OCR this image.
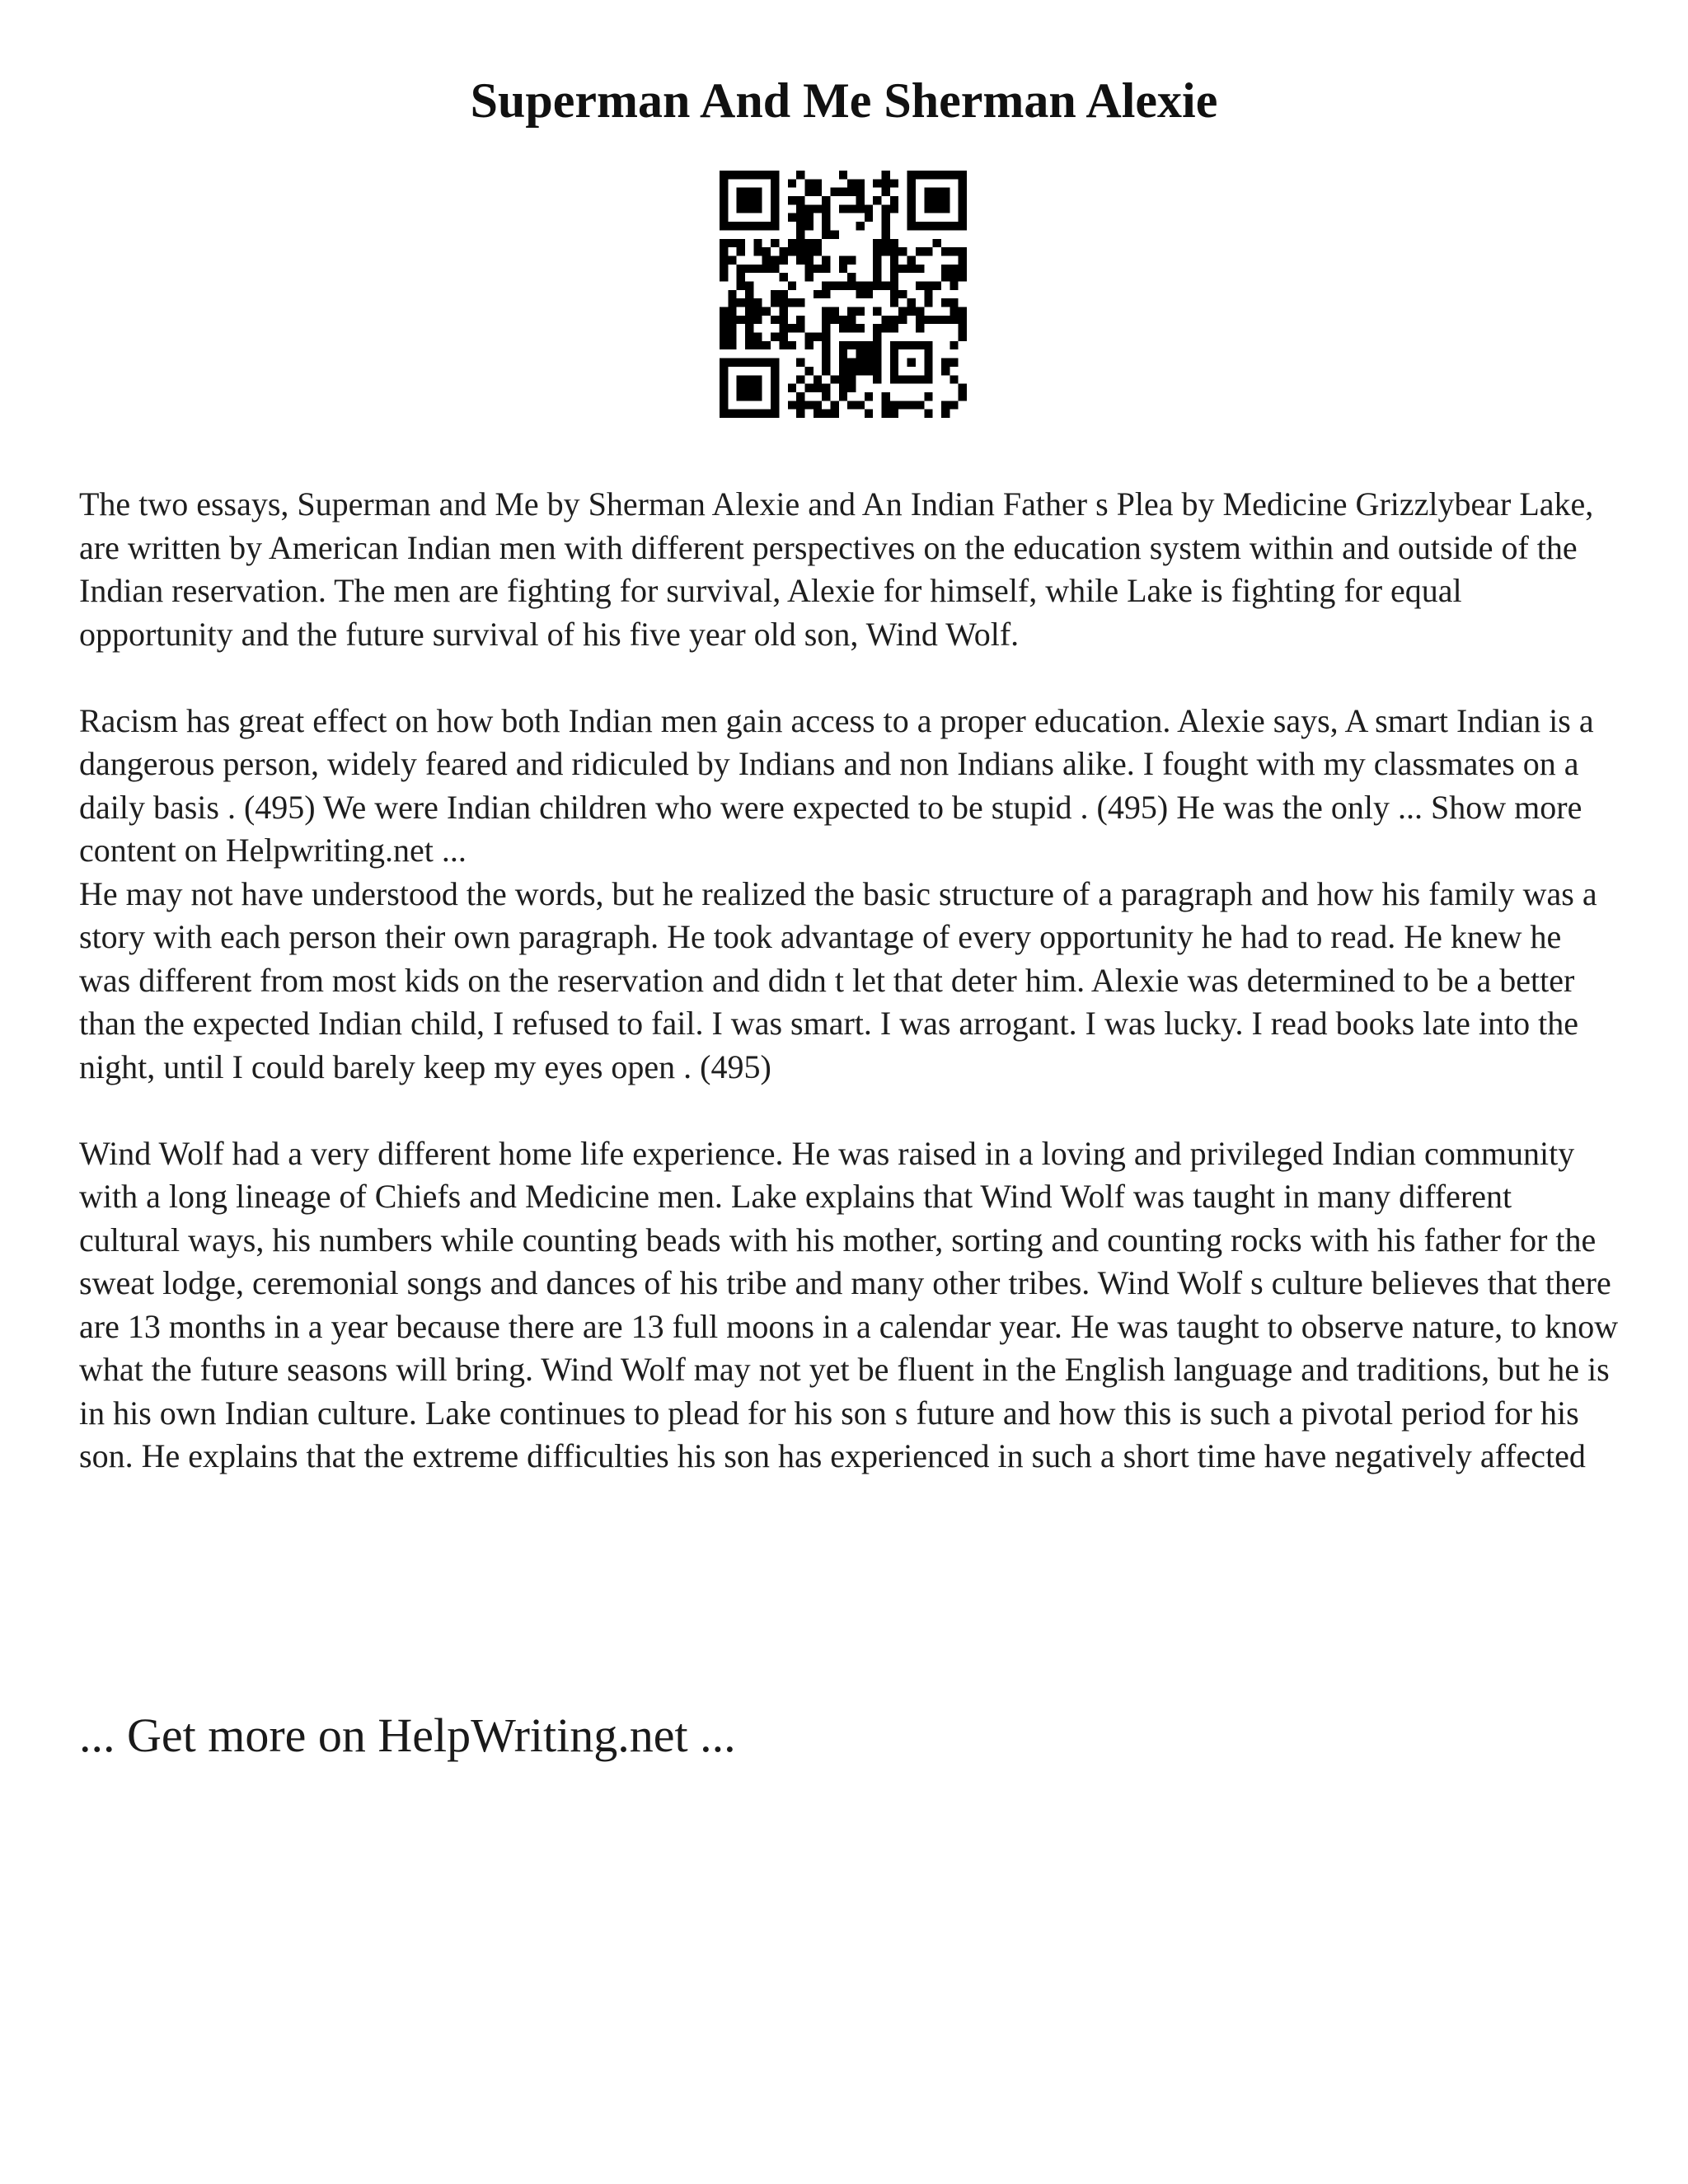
Superman And Me Sherman Alexie

The two essays, Superman and Me by Sherman Alexie and An Indian Father s Plea by Medicine Grizzlybear Lake, are written by American Indian men with different perspectives on the education system within and outside of the Indian reservation. The men are fighting for survival, Alexie for himself, while Lake is fighting for equal opportunity and the future survival of his five year old son, Wind Wolf.

Racism has great effect on how both Indian men gain access to a proper education. Alexie says, A smart Indian is a dangerous person, widely feared and ridiculed by Indians and non Indians alike. I fought with my classmates on a daily basis . (495) We were Indian children who were expected to be stupid . (495) He was the only ... Show more content on Helpwriting.net ...

He may not have understood the words, but he realized the basic structure of a paragraph and how his family was a story with each person their own paragraph. He took advantage of every opportunity he had to read. He knew he was different from most kids on the reservation and didn t let that deter him. Alexie was determined to be a better than the expected Indian child, I refused to fail. I was smart. I was arrogant. I was lucky. I read books late into the night, until I could barely keep my eyes open . (495)

Wind Wolf had a very different home life experience. He was raised in a loving and privileged Indian community with a long lineage of Chiefs and Medicine men. Lake explains that Wind Wolf was taught in many different cultural ways, his numbers while counting beads with his mother, sorting and counting rocks with his father for the sweat lodge, ceremonial songs and dances of his tribe and many other tribes. Wind Wolf s culture believes that there are 13 months in a year because there are 13 full moons in a calendar year. He was taught to observe nature, to know what the future seasons will bring. Wind Wolf may not yet be fluent in the English language and traditions, but he is in his own Indian culture. Lake continues to plead for his son s future and how this is such a pivotal period for his son. He explains that the extreme difficulties his son has experienced in such a short time have negatively affected

... Get more on HelpWriting.net ...
